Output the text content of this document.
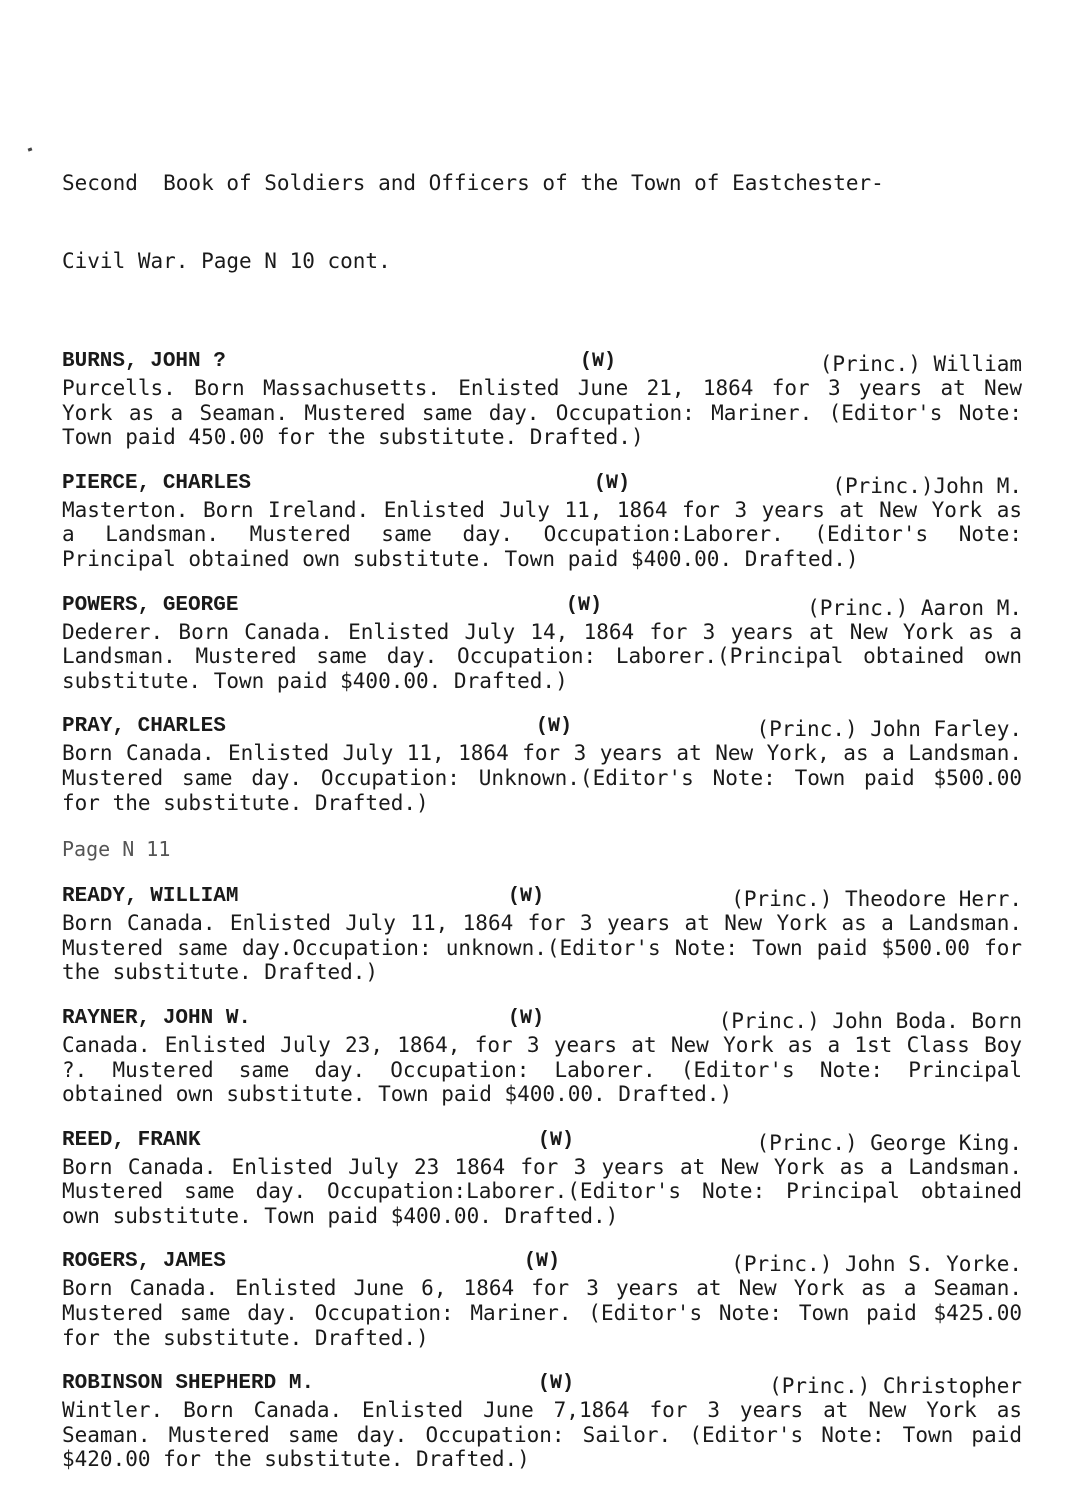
Second  Book of Soldiers and Officers of the Town of Eastchester-

Civil War. Page N 10 cont.

BURNS, JOHN ?	(W)	(Princ.) William
Purcells. Born Massachusetts. Enlisted June 21, 1864 for 3 years at New York as a Seaman. Mustered same day. Occupation: Mariner. (Editor's Note: Town paid 450.00 for the substitute. Drafted.)
PIERCE, CHARLES	(W)	(Princ.)John M.
Masterton. Born Ireland. Enlisted July 11, 1864 for 3 years at New York as a Landsman. Mustered same day. Occupation:Laborer. (Editor's Note: Principal obtained own substitute. Town paid $400.00. Drafted.)
POWERS, GEORGE	(W)	(Princ.) Aaron M.
Dederer. Born Canada. Enlisted July 14, 1864 for 3 years at New York as a Landsman. Mustered same day. Occupation: Laborer.(Principal obtained own substitute. Town paid $400.00. Drafted.)
PRAY, CHARLES	(W)	(Princ.) John Farley.
Born Canada. Enlisted July 11, 1864 for 3 years at New York, as a Landsman. Mustered same day. Occupation: Unknown.(Editor's Note: Town paid $500.00 for the substitute. Drafted.)
Page N 11
READY, WILLIAM	(W)	(Princ.) Theodore Herr.
Born Canada. Enlisted July 11, 1864 for 3 years at New York as a Landsman. Mustered same day.Occupation: unknown.(Editor's Note: Town paid $500.00 for the substitute. Drafted.)
RAYNER, JOHN W.	(W)	(Princ.) John Boda. Born
Canada. Enlisted July 23, 1864, for 3 years at New York as a 1st Class Boy ?. Mustered same day. Occupation: Laborer. (Editor's Note: Principal obtained own substitute. Town paid $400.00. Drafted.)
REED, FRANK	(W)	(Princ.) George King.
Born Canada. Enlisted July 23 1864 for 3 years at New York as a Landsman. Mustered same day. Occupation:Laborer.(Editor's Note: Principal obtained own substitute. Town paid $400.00. Drafted.)
ROGERS, JAMES	(W)	(Princ.) John S. Yorke.
Born Canada. Enlisted June 6, 1864 for 3 years at New York as a Seaman. Mustered same day. Occupation: Mariner. (Editor's Note: Town paid $425.00 for the substitute. Drafted.)
ROBINSON SHEPHERD M.	(W)	(Princ.) Christopher
Wintler. Born Canada. Enlisted June 7,1864 for 3 years at New York as Seaman. Mustered same day. Occupation: Sailor. (Editor's Note: Town paid $420.00 for the substitute. Drafted.)
